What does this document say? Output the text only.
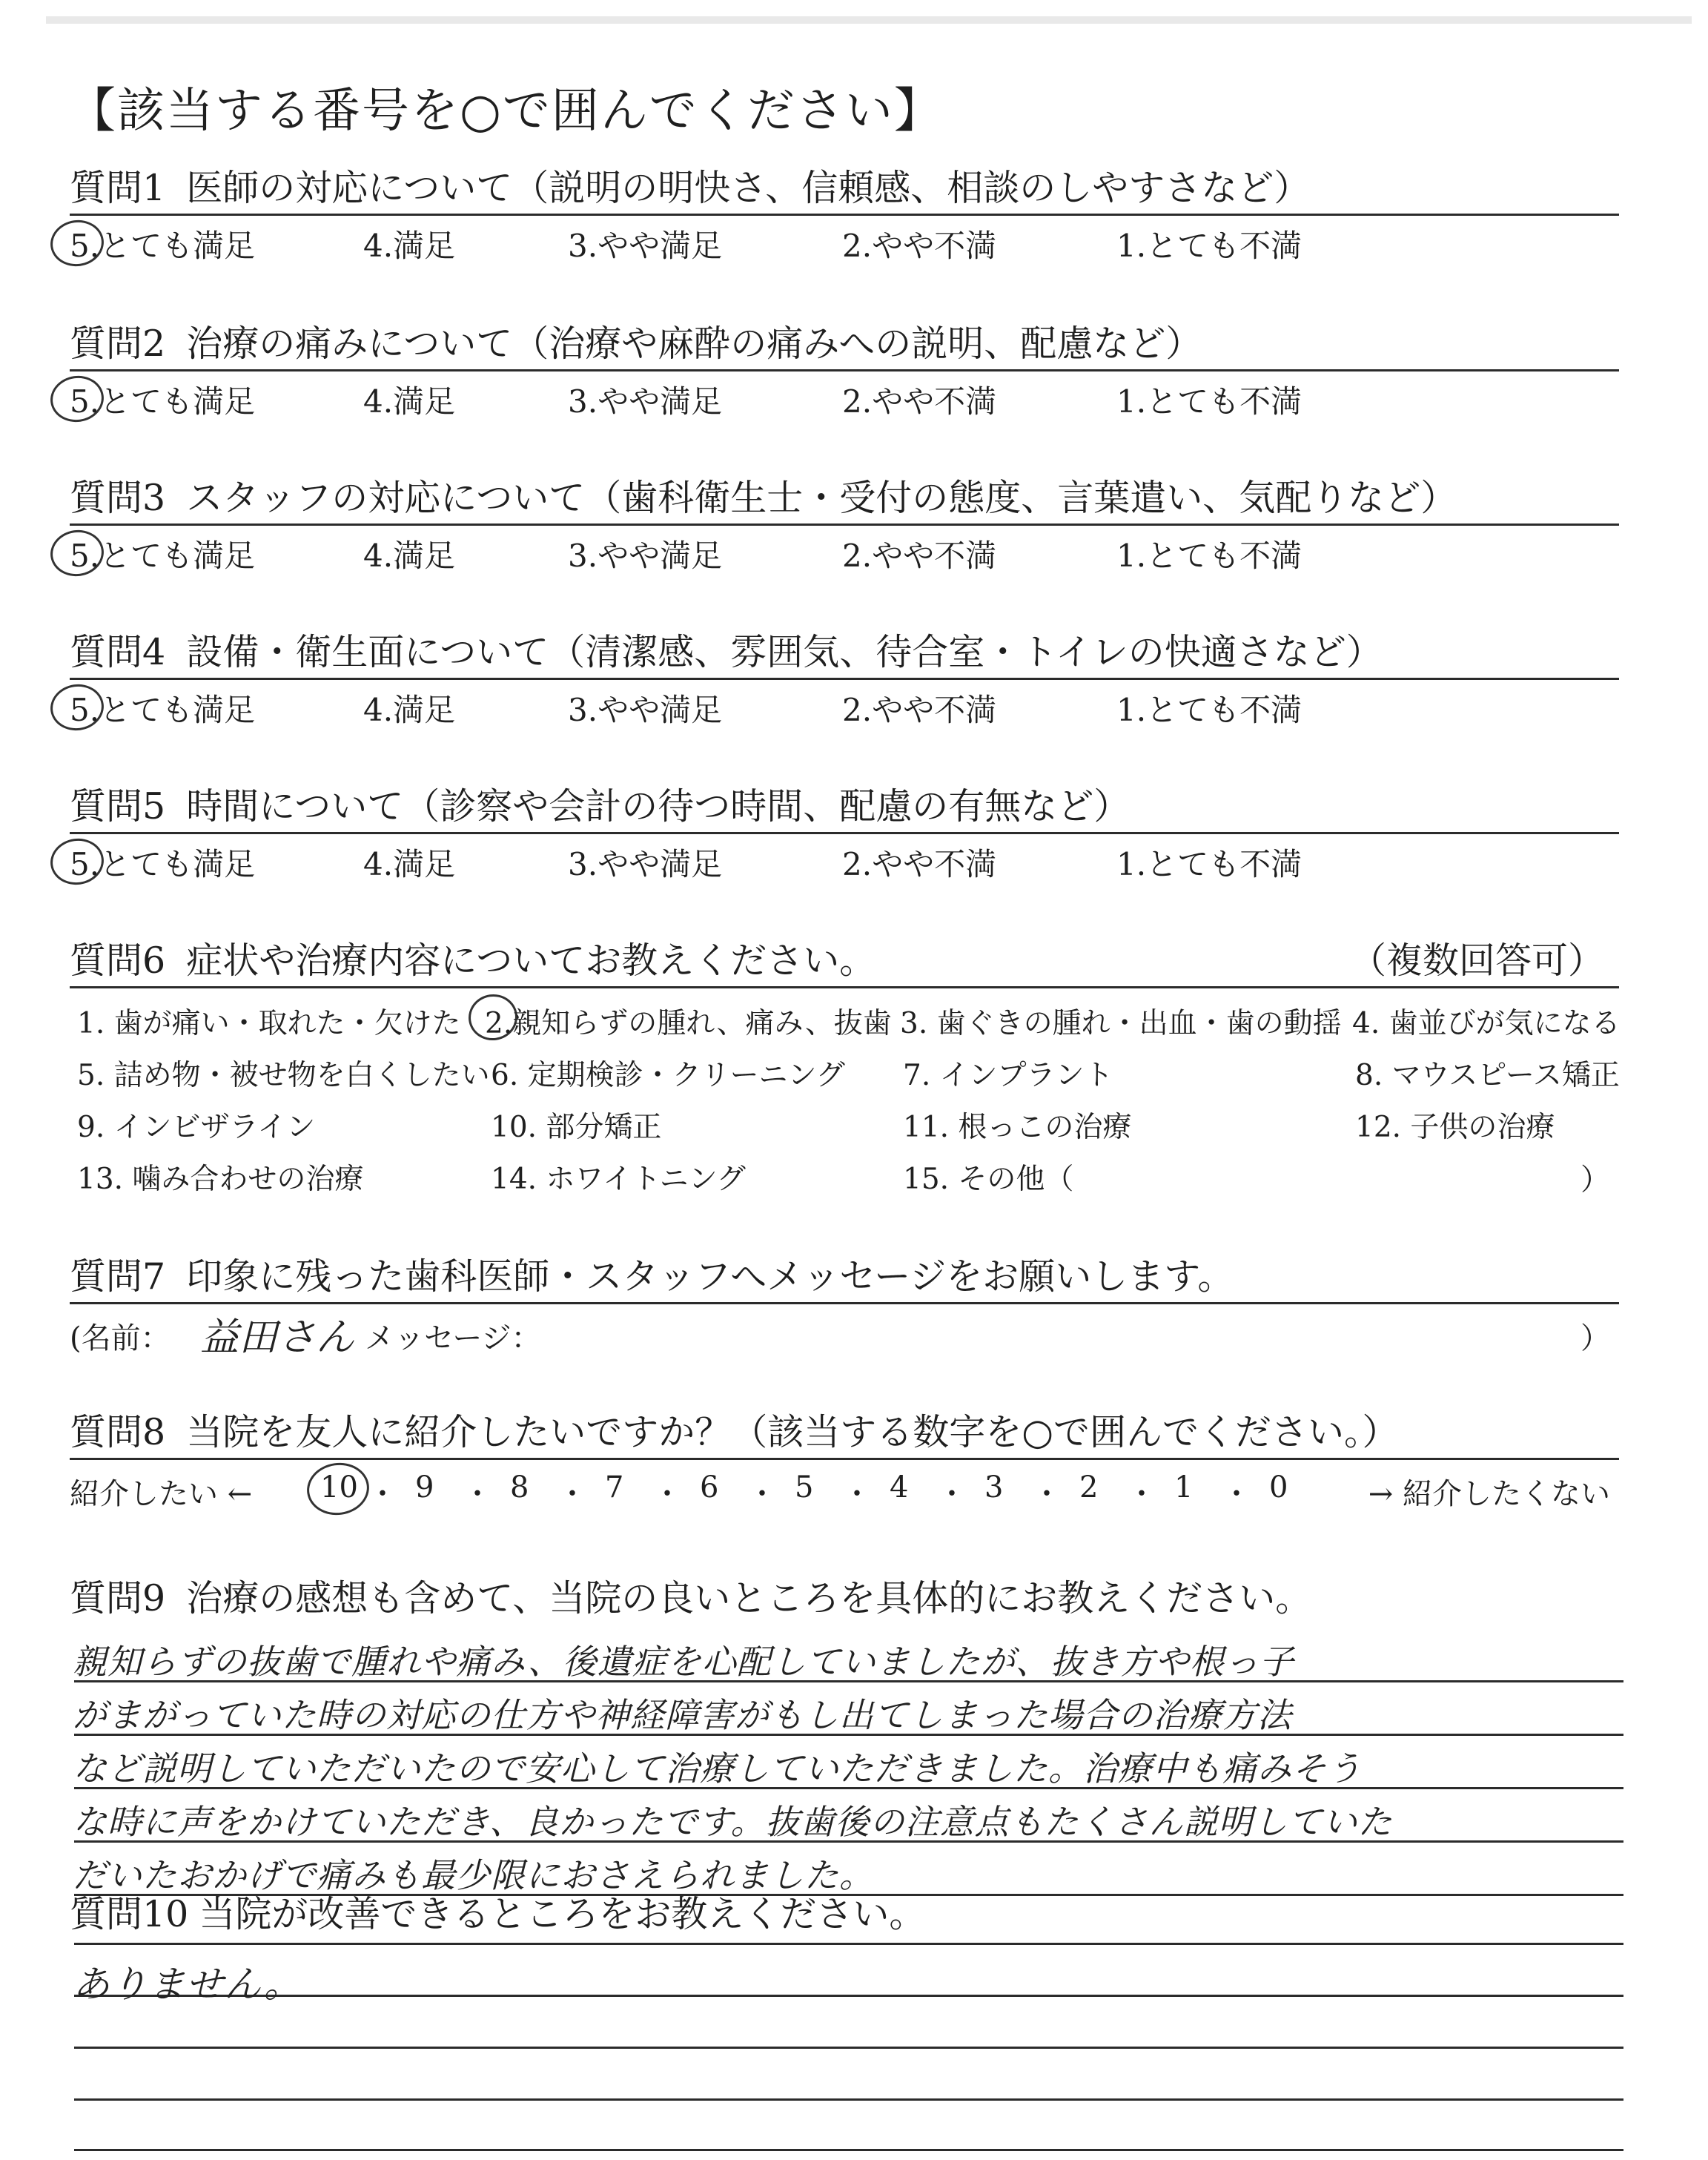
【該当する番号を○で囲んでください】
質問1 医師の対応について（説明の明快さ、信頼感、相談のしやすさなど）
5.とても満足	4.満足	3.やや満足	2.やや不満	1.とても不満
質問2 治療の痛みについて（治療や麻酔の痛みへの説明、配慮など）
5.とても満足	4.満足	3.やや満足	2.やや不満	1.とても不満
質問3 スタッフの対応について（歯科衛生士・受付の態度、言葉遣い、気配りなど）
5.とても満足	4.満足	3.やや満足	2.やや不満	1.とても不満
質問4 設備・衛生面について（清潔感、雰囲気、待合室・トイレの快適さなど）
5.とても満足	4.満足	3.やや満足	2.やや不満	1.とても不満
質問5 時間について（診察や会計の待つ時間、配慮の有無など）
5.とても満足	4.満足	3.やや満足	2.やや不満	1.とても不満
質問6 症状や治療内容についてお教えください。	（複数回答可）
1. 歯が痛い・取れた・欠けた 2.親知らずの腫れ、痛み、抜歯 3. 歯ぐきの腫れ・出血・歯の動揺 4. 歯並びが気になる
5. 詰め物・被せ物を白くしたい 6. 定期検診・クリーニング 7. インプラント	8. マウスピース矯正
9. インビザライン	10. 部分矯正	11. 根っこの治療	12. 子供の治療
13. 噛み合わせの治療	14. ホワイトニング	15. その他（	）
質問7 印象に残った歯科医師・スタッフへメッセージをお願いします。
(名前： 益田さん メッセージ：	）
質問8 当院を友人に紹介したいですか？（該当する数字を○で囲んでください。）
紹介したい ← 10 ・ 9 ・ 8 ・ 7 ・ 6 ・ 5 ・ 4 ・ 3 ・ 2 ・ 1 ・ 0	→ 紹介したくない
質問9 治療の感想も含めて、当院の良いところを具体的にお教えください。
親知らずの抜歯で腫れや痛み、後遺症を心配していましたが、抜き方や根っ子
がまがっていた時の対応の仕方や神経障害がもし出てしまった場合の治療方法
など説明していただいたので安心して治療していただきました。治療中も痛みそう
な時に声をかけていただき、良かったです。抜歯後の注意点もたくさん説明していた
だいたおかげで痛みも最少限におさえられました。
質問10 当院が改善できるところをお教えください。
ありません。
